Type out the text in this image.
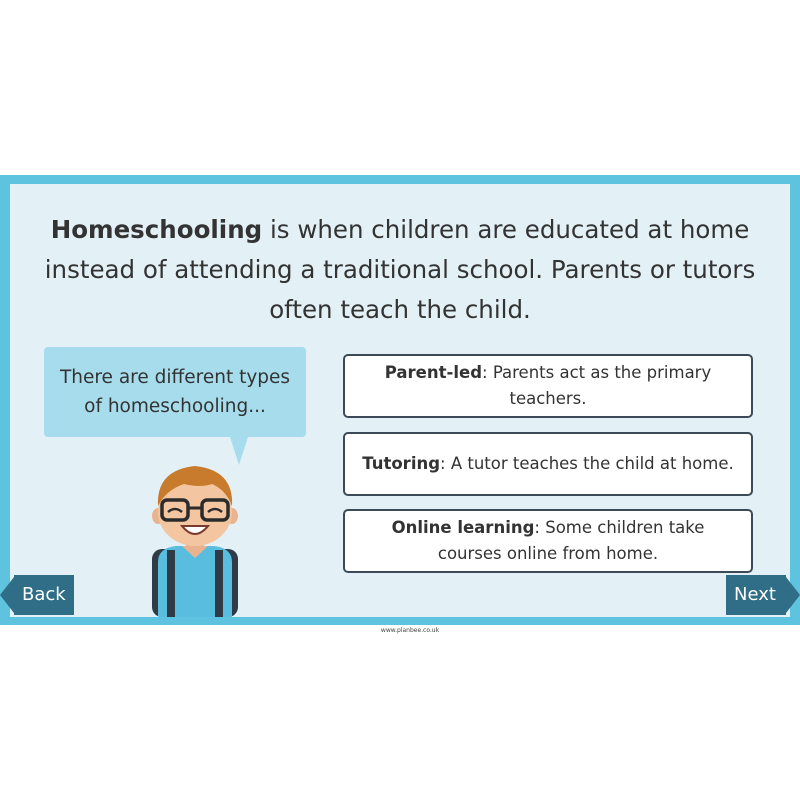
Homeschooling is when children are educated at home instead of attending a traditional school. Parents or tutors often teach the child.

There are different types of homeschooling...
Parent-led: Parents act as the primary teachers.
Tutoring: A tutor teaches the child at home.
Online learning: Some children take courses online from home.
www.planbee.co.uk
Back	Next
